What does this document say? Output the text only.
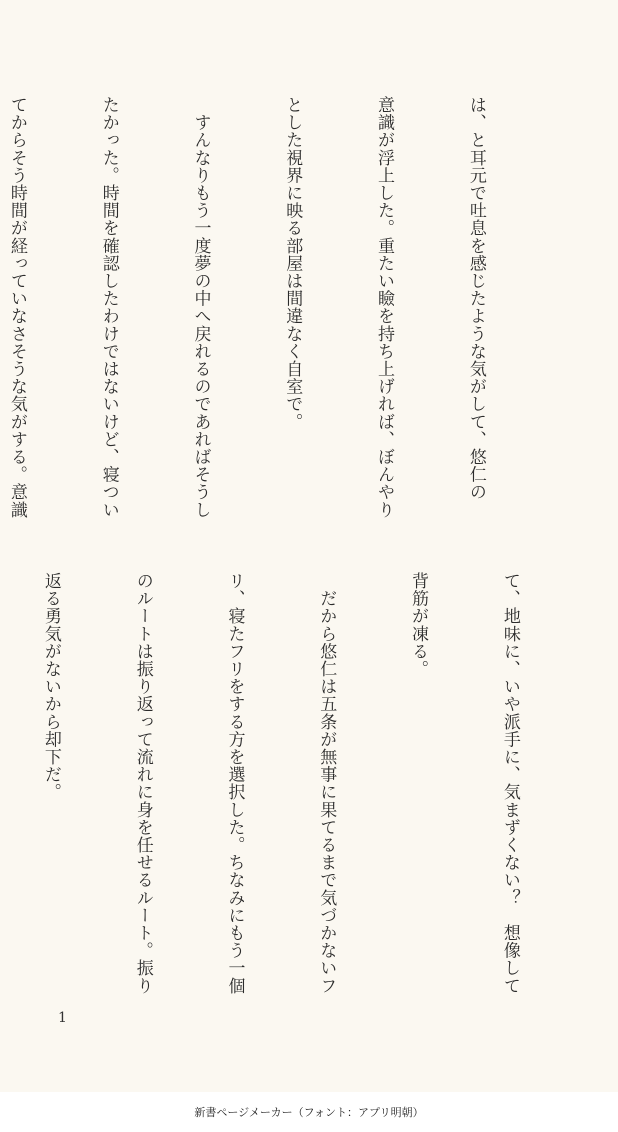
は、と耳元で吐息を感じたような気がして、悠仁の

意識が浮上した。重たい瞼を持ち上げれば、ぼんやり

とした視界に映る部屋は間違なく自室で。

　すんなりもう一度夢の中へ戻れるのであればそうし

たかった。時間を確認したわけではないけど、寝つい

てからそう時間が経っていなさそうな気がする。意識

て、地味に、いや派手に、気まずくない？　想像して

背筋が凍る。

　だから悠仁は五条が無事に果てるまで気づかないフ

リ、寝たフリをする方を選択した。ちなみにもう一個

のルートは振り返って流れに身を任せるルート。振り

返る勇気がないから却下だ。

1
新書ページメーカー（フォント：アプリ明朝）
